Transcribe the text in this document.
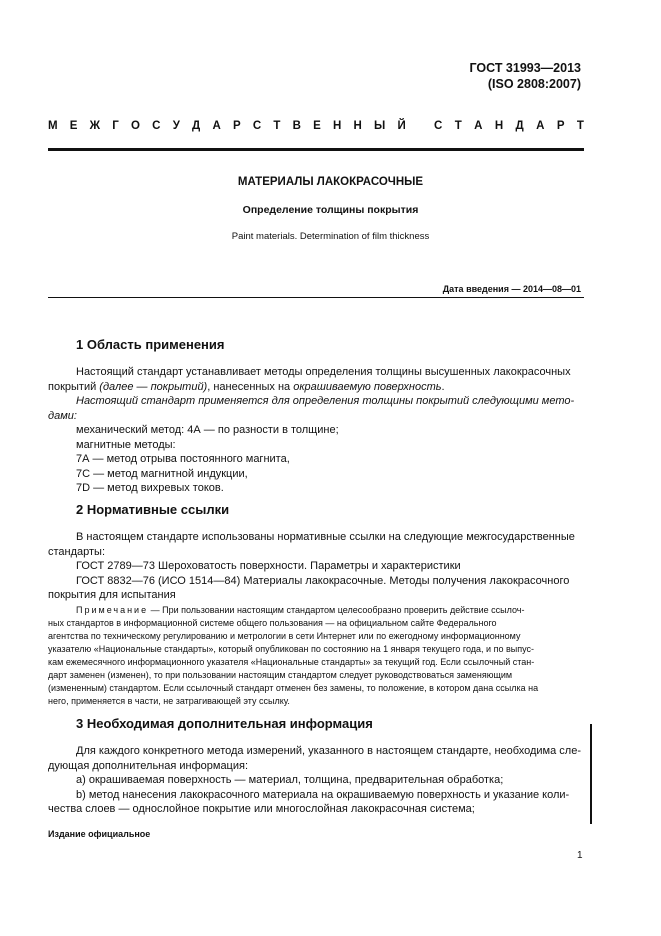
ГОСТ 31993—2013
(ISO 2808:2007)
М Е Ж Г О С У Д А Р С Т В Е Н Н Ы Й С Т А Н Д А Р Т
МАТЕРИАЛЫ ЛАКОКРАСОЧНЫЕ
Определение толщины покрытия
Paint materials. Determination of film thickness
Дата введения — 2014—08—01
1 Область применения
Настоящий стандарт устанавливает методы определения толщины высушенных лакокрасочных
покрытий (далее — покрытий), нанесенных на окрашиваемую поверхность.
Настоящий стандарт применяется для определения толщины покрытий следующими мето-
дами:
механический метод: 4А — по разности в толщине;
магнитные методы:
7А — метод отрыва постоянного магнита,
7С — метод магнитной индукции,
7D — метод вихревых токов.
2 Нормативные ссылки
В настоящем стандарте использованы нормативные ссылки на следующие межгосударственные
стандарты:
ГОСТ 2789—73 Шероховатость поверхности. Параметры и характеристики
ГОСТ 8832—76 (ИСО 1514—84) Материалы лакокрасочные. Методы получения лакокрасочного
покрытия для испытания
Примечание — При пользовании настоящим стандартом целесообразно проверить действие ссылоч-
ных стандартов в информационной системе общего пользования — на официальном сайте Федерального
агентства по техническому регулированию и метрологии в сети Интернет или по ежегодному информационному
указателю «Национальные стандарты», который опубликован по состоянию на 1 января текущего года, и по выпус-
кам ежемесячного информационного указателя «Национальные стандарты» за текущий год. Если ссылочный стан-
дарт заменен (изменен), то при пользовании настоящим стандартом следует руководствоваться заменяющим
(измененным) стандартом. Если ссылочный стандарт отменен без замены, то положение, в котором дана ссылка на
него, применяется в части, не затрагивающей эту ссылку.
3 Необходимая дополнительная информация
Для каждого конкретного метода измерений, указанного в настоящем стандарте, необходима сле-
дующая дополнительная информация:
а) окрашиваемая поверхность — материал, толщина, предварительная обработка;
b) метод нанесения лакокрасочного материала на окрашиваемую поверхность и указание коли-
чества слоев — однослойное покрытие или многослойная лакокрасочная система;
Издание официальное
1
